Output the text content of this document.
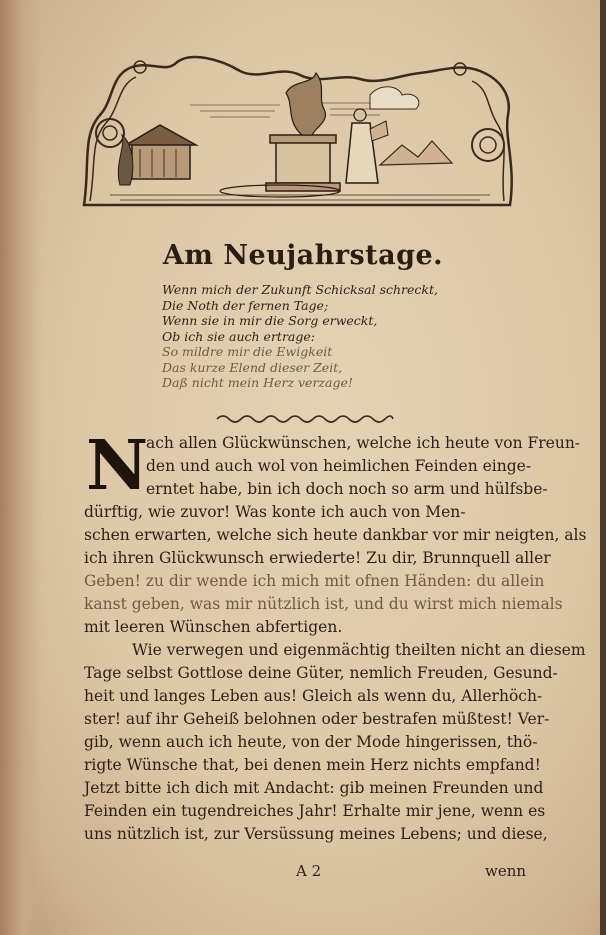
Am Neujahrstage.
Wenn mich der Zukunft Schicksal schreckt,
Die Noth der fernen Tage;
Wenn sie in mir die Sorg erweckt,
Ob ich sie auch ertrage:
So mildre mir die Ewigkeit
Das kurze Elend dieser Zeit,
Daß nicht mein Herz verzage!
N
ach allen Glückwünschen, welche ich heute von Freun-
den und auch wol von heimlichen Feinden einge-
erntet habe, bin ich doch noch so arm und hülfsbe-
dürftig, wie zuvor! Was konte ich auch von Men-
schen erwarten, welche sich heute dankbar vor mir neigten, als
ich ihren Glückwunsch erwiederte! Zu dir, Brunnquell aller
Geben! zu dir wende ich mich mit ofnen Händen: du allein
kanst geben, was mir nützlich ist, und du wirst mich niemals
mit leeren Wünschen abfertigen.
Wie verwegen und eigenmächtig theilten nicht an diesem
Tage selbst Gottlose deine Güter, nemlich Freuden, Gesund-
heit und langes Leben aus! Gleich als wenn du, Allerhöch-
ster! auf ihr Geheiß belohnen oder bestrafen müßtest! Ver-
gib, wenn auch ich heute, von der Mode hingerissen, thö-
rigte Wünsche that, bei denen mein Herz nichts empfand!
Jetzt bitte ich dich mit Andacht: gib meinen Freunden und
Feinden ein tugendreiches Jahr! Erhalte mir jene, wenn es
uns nützlich ist, zur Versüssung meines Lebens; und diese,
A 2	wenn
